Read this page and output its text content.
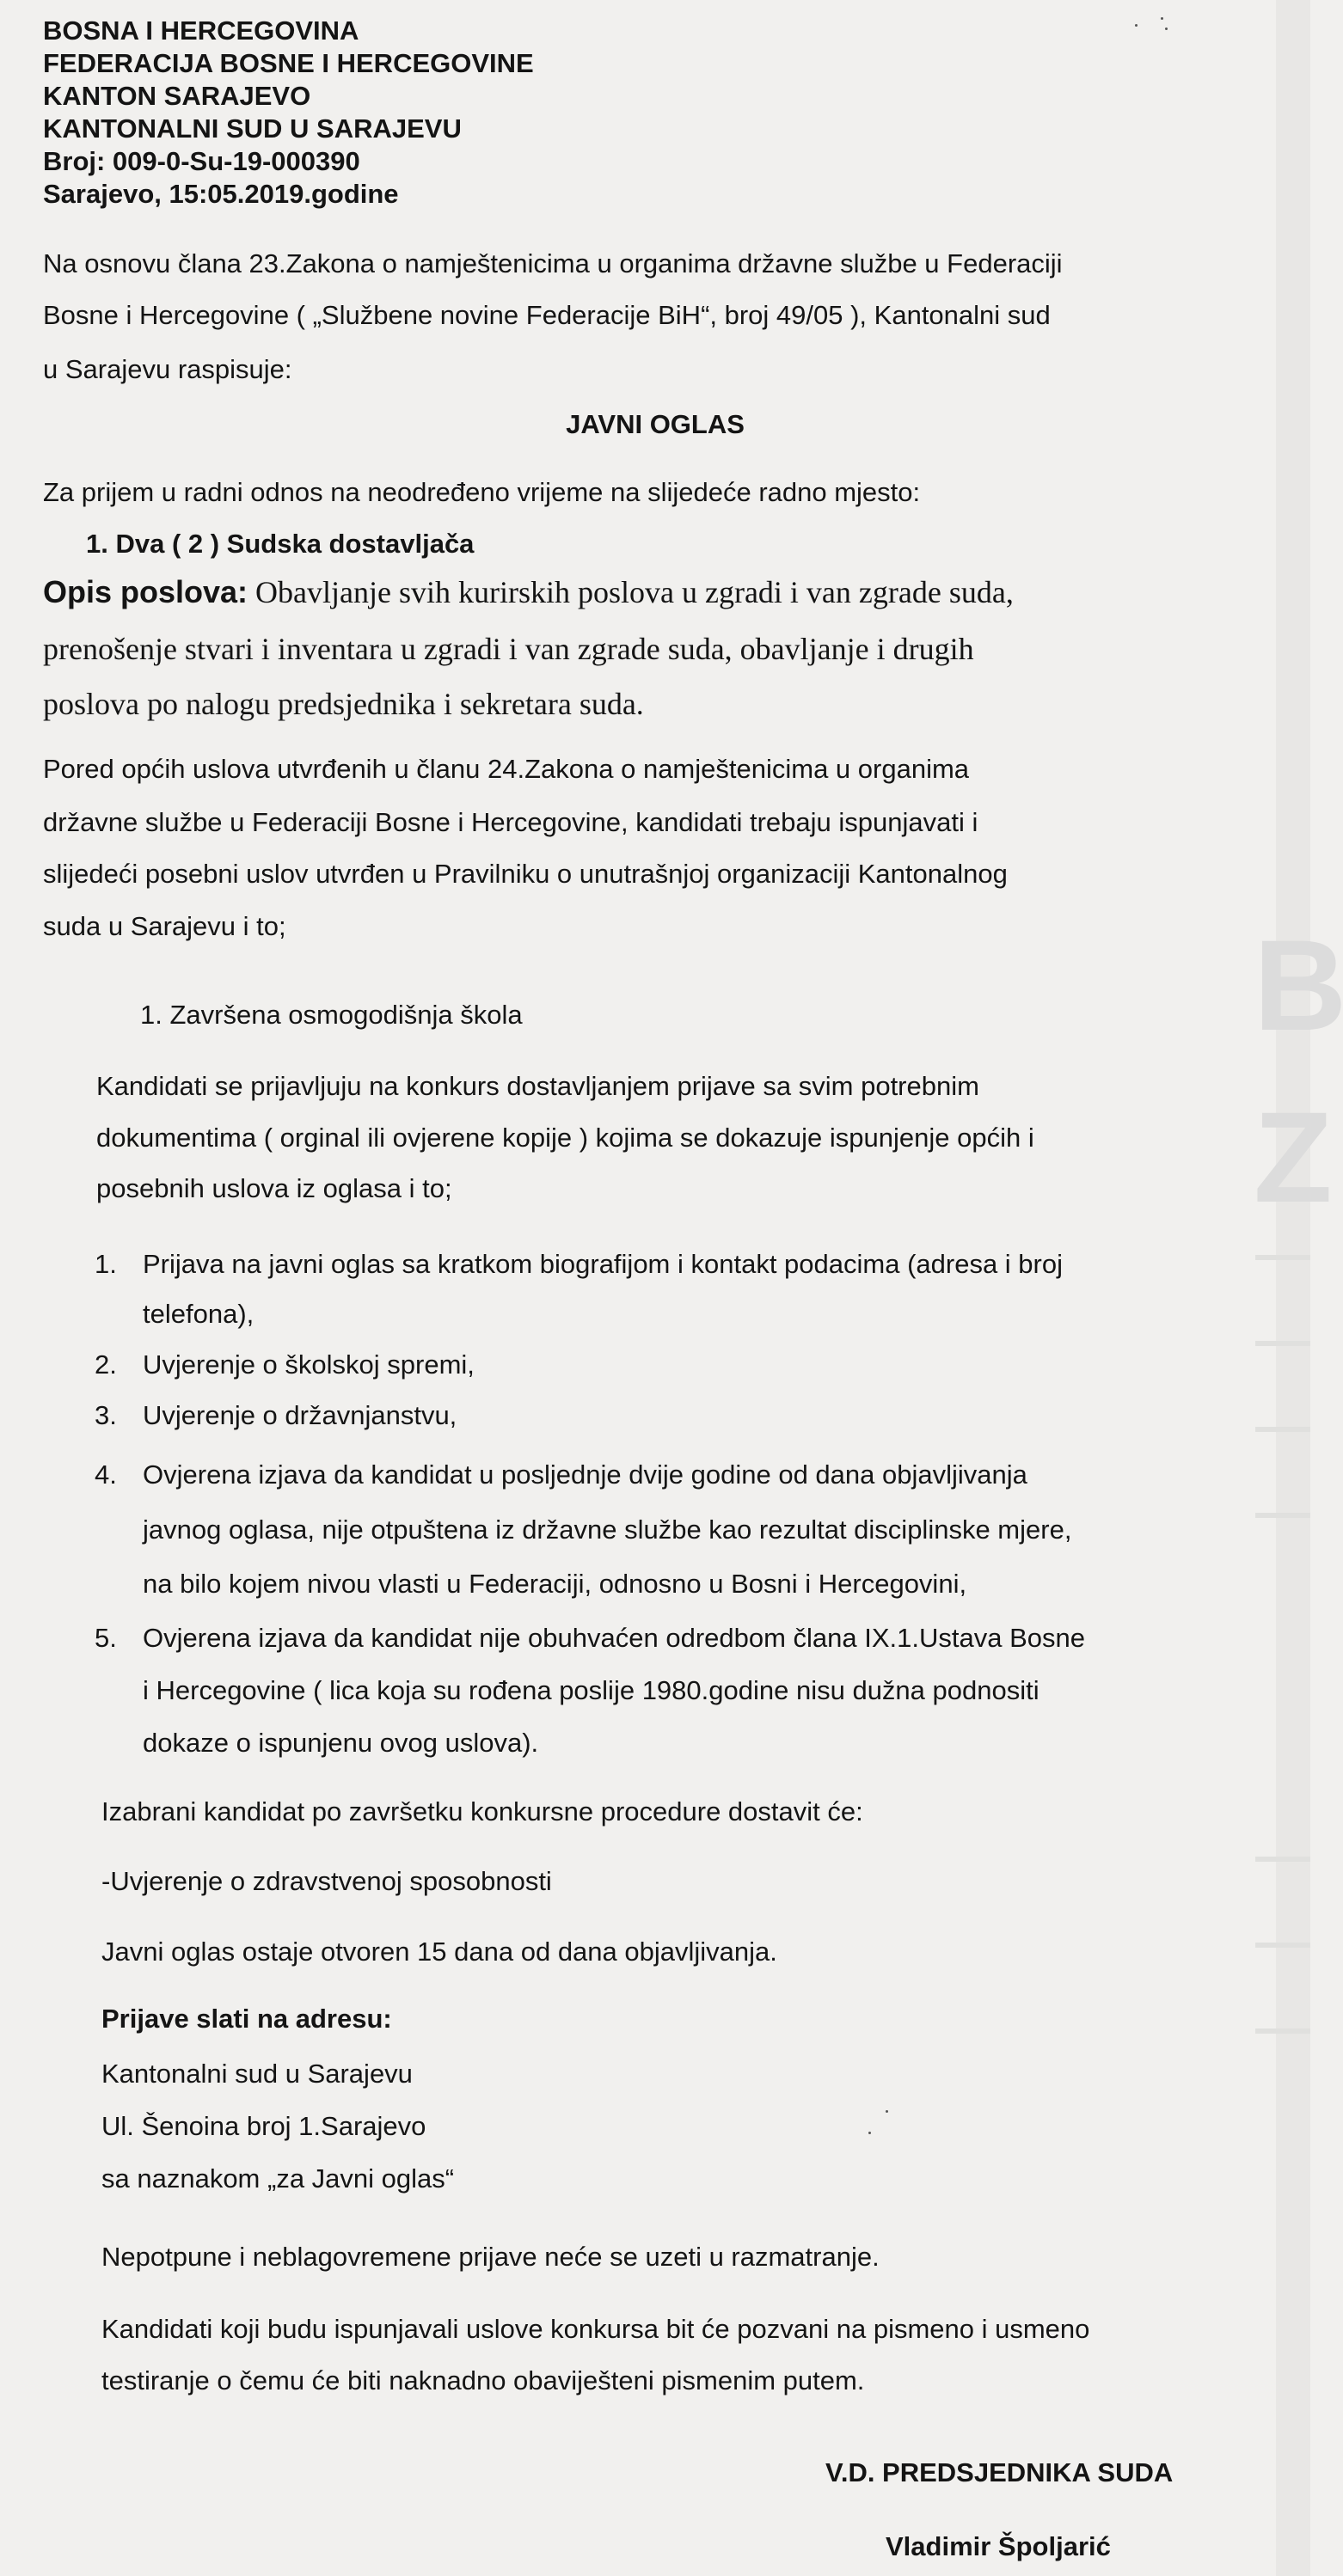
B
Z
BOSNA I HERCEGOVINA
FEDERACIJA BOSNE I HERCEGOVINE
KANTON SARAJEVO
KANTONALNI SUD U SARAJEVU
Broj: 009-0-Su-19-000390
Sarajevo, 15:05.2019.godine
Na osnovu člana 23.Zakona o namještenicima u organima državne službe u Federaciji
Bosne i Hercegovine ( „Službene novine Federacije BiH“, broj 49/05 ), Kantonalni sud
u Sarajevu raspisuje:
JAVNI OGLAS
Za prijem u radni odnos na neodređeno vrijeme na slijedeće radno mjesto:
1. Dva ( 2 ) Sudska dostavljača
Opis poslova: Obavljanje svih kurirskih poslova u zgradi i van zgrade suda,
prenošenje stvari i inventara u zgradi i van zgrade suda, obavljanje i drugih
poslova po nalogu predsjednika i sekretara suda.
Pored općih uslova utvrđenih u članu 24.Zakona o namještenicima u organima
državne službe u Federaciji Bosne i Hercegovine, kandidati trebaju ispunjavati i
slijedeći posebni uslov utvrđen u Pravilniku o unutrašnjoj organizaciji Kantonalnog
suda u Sarajevu i to;
1. Završena osmogodišnja škola
Kandidati se prijavljuju na konkurs dostavljanjem prijave sa svim potrebnim
dokumentima ( orginal ili ovjerene kopije ) kojima se dokazuje ispunjenje općih i
posebnih uslova iz oglasa i to;
1. Prijava na javni oglas sa kratkom biografijom i kontakt podacima (adresa i broj
telefona),
2. Uvjerenje o školskoj spremi,
3. Uvjerenje o državnjanstvu,
4. Ovjerena izjava da kandidat u posljednje dvije godine od dana objavljivanja
javnog oglasa, nije otpuštena iz državne službe kao rezultat disciplinske mjere,
na bilo kojem nivou vlasti u Federaciji, odnosno u Bosni i Hercegovini,
5. Ovjerena izjava da kandidat nije obuhvaćen odredbom člana IX.1.Ustava Bosne
i Hercegovine ( lica koja su rođena poslije 1980.godine nisu dužna podnositi
dokaze o ispunjenu ovog uslova).
Izabrani kandidat po završetku konkursne procedure dostavit će:
-Uvjerenje o zdravstvenoj sposobnosti
Javni oglas ostaje otvoren 15 dana od dana objavljivanja.
Prijave slati na adresu:
Kantonalni sud u Sarajevu
Ul. Šenoina broj 1.Sarajevo
sa naznakom „za Javni oglas“
Nepotpune i neblagovremene prijave neće se uzeti u razmatranje.
Kandidati koji budu ispunjavali uslove konkursa bit će pozvani na pismeno i usmeno
testiranje o čemu će biti naknadno obaviješteni pismenim putem.
V.D. PREDSJEDNIKA SUDA
Vladimir Špoljarić
